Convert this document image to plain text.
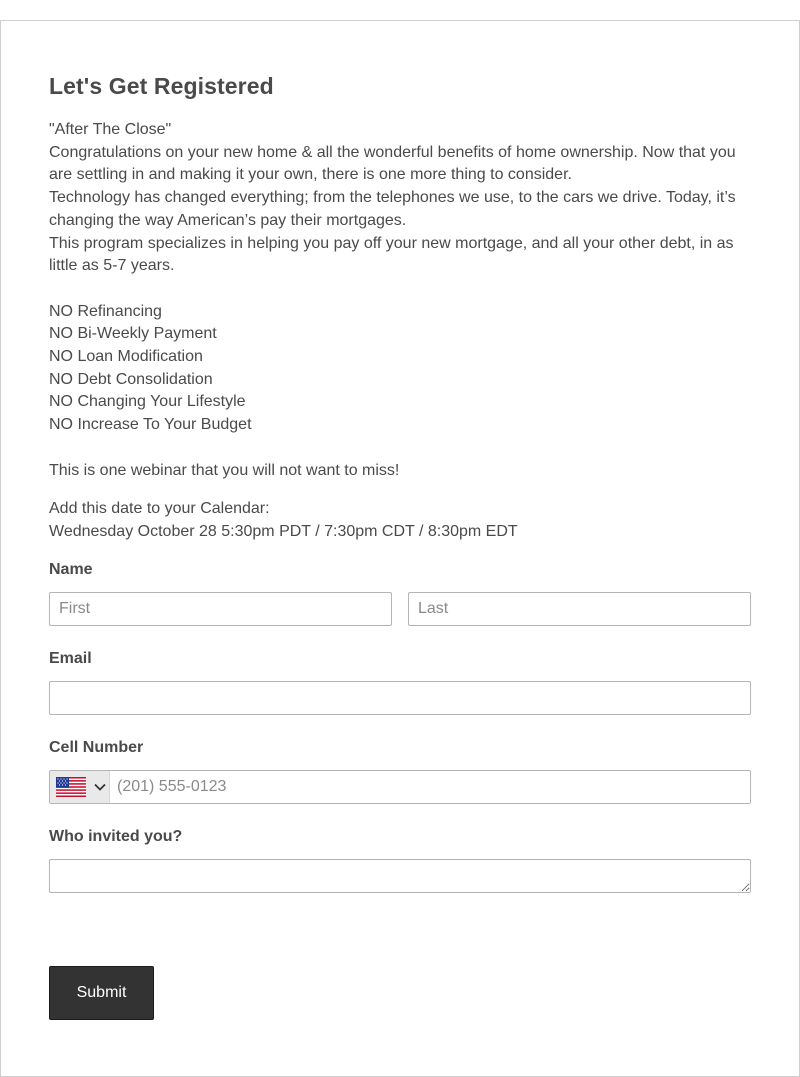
Let's Get Registered
"After The Close"
Congratulations on your new home & all the wonderful benefits of home ownership. Now that you
are settling in and making it your own, there is one more thing to consider.
Technology has changed everything; from the telephones we use, to the cars we drive. Today, it’s
changing the way American’s pay their mortgages.
This program specializes in helping you pay off your new mortgage, and all your other debt, in as
little as 5-7 years.
NO Refinancing
NO Bi-Weekly Payment
NO Loan Modification
NO Debt Consolidation
NO Changing Your Lifestyle
NO Increase To Your Budget
This is one webinar that you will not want to miss!
Add this date to your Calendar:
Wednesday October 28 5:30pm PDT / 7:30pm CDT / 8:30pm EDT
Name
First
Last
Email
Cell Number
(201) 555-0123
Who invited you?
Submit
